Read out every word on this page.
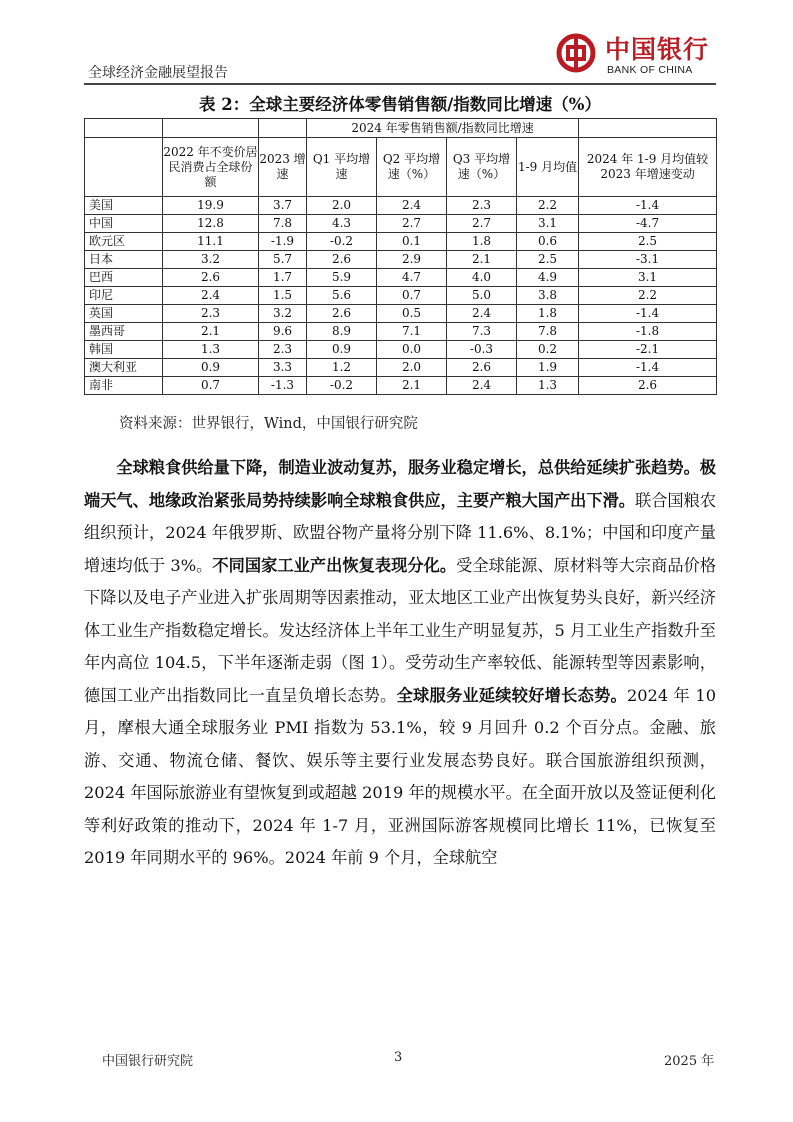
全球经济金融展望报告
中国银行
BANK OF CHINA
表 2：全球主要经济体零售销售额/指数同比增速（%）
			2024 年零售销售额/指数同比增速				
	2022 年不变价居民消费占全球份额	2023 增速	Q1 平均增速	Q2 平均增速（%）	Q3 平均增速（%）	1-9 月均值	2024 年 1-9 月均值较2023 年增速变动
美国	19.9	3.7	2.0	2.4	2.3	2.2	-1.4
中国	12.8	7.8	4.3	2.7	2.7	3.1	-4.7
欧元区	11.1	-1.9	-0.2	0.1	1.8	0.6	2.5
日本	3.2	5.7	2.6	2.9	2.1	2.5	-3.1
巴西	2.6	1.7	5.9	4.7	4.0	4.9	3.1
印尼	2.4	1.5	5.6	0.7	5.0	3.8	2.2
英国	2.3	3.2	2.6	0.5	2.4	1.8	-1.4
墨西哥	2.1	9.6	8.9	7.1	7.3	7.8	-1.8
韩国	1.3	2.3	0.9	0.0	-0.3	0.2	-2.1
澳大利亚	0.9	3.3	1.2	2.0	2.6	1.9	-1.4
南非	0.7	-1.3	-0.2	2.1	2.4	1.3	2.6
资料来源：世界银行，Wind，中国银行研究院

全球粮食供给量下降，制造业波动复苏，服务业稳定增长，总供给延续扩张趋势。极端天气、地缘政治紧张局势持续影响全球粮食供应，主要产粮大国产出下滑。联合国粮农组织预计，2024 年俄罗斯、欧盟谷物产量将分别下降 11.6%、8.1%；中国和印度产量增速均低于 3%。不同国家工业产出恢复表现分化。受全球能源、原材料等大宗商品价格下降以及电子产业进入扩张周期等因素推动，亚太地区工业产出恢复势头良好，新兴经济体工业生产指数稳定增长。发达经济体上半年工业生产明显复苏，5 月工业生产指数升至年内高位 104.5，下半年逐渐走弱（图 1）。受劳动生产率较低、能源转型等因素影响，德国工业产出指数同比一直呈负增长态势。全球服务业延续较好增长态势。2024 年 10 月，摩根大通全球服务业 PMI 指数为 53.1%，较 9 月回升 0.2 个百分点。金融、旅游、交通、物流仓储、餐饮、娱乐等主要行业发展态势良好。联合国旅游组织预测，2024 年国际旅游业有望恢复到或超越 2019 年的规模水平。在全面开放以及签证便利化等利好政策的推动下，2024 年 1-7 月，亚洲国际游客规模同比增长 11%，已恢复至 2019 年同期水平的 96%。2024 年前 9 个月，全球航空

中国银行研究院	3	2025 年
